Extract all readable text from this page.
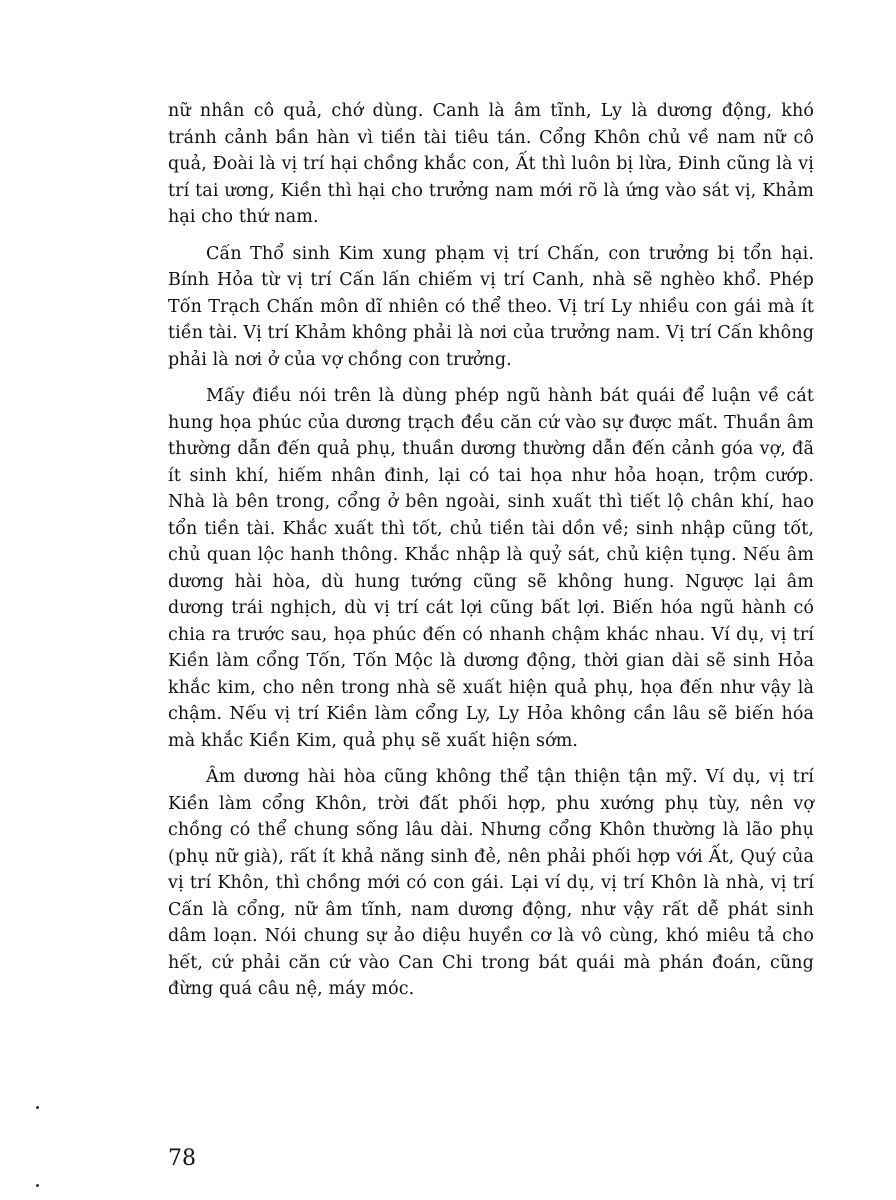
nữ nhân cô quả, chớ dùng. Canh là âm tĩnh, Ly là dương động, khó tránh cảnh bần hàn vì tiền tài tiêu tán. Cổng Khôn chủ về nam nữ cô quả, Đoài là vị trí hại chồng khắc con, Ất thì luôn bị lừa, Đinh cũng là vị trí tai ương, Kiền thì hại cho trưởng nam mới rõ là ứng vào sát vị, Khảm hại cho thứ nam.

Cấn Thổ sinh Kim xung phạm vị trí Chấn, con trưởng bị tổn hại. Bính Hỏa từ vị trí Cấn lấn chiếm vị trí Canh, nhà sẽ nghèo khổ. Phép Tốn Trạch Chấn môn dĩ nhiên có thể theo. Vị trí Ly nhiều con gái mà ít tiền tài. Vị trí Khảm không phải là nơi của trưởng nam. Vị trí Cấn không phải là nơi ở của vợ chồng con trưởng.

Mấy điều nói trên là dùng phép ngũ hành bát quái để luận về cát hung họa phúc của dương trạch đều căn cứ vào sự được mất. Thuần âm thường dẫn đến quả phụ, thuần dương thường dẫn đến cảnh góa vợ, đã ít sinh khí, hiếm nhân đinh, lại có tai họa như hỏa hoạn, trộm cướp. Nhà là bên trong, cổng ở bên ngoài, sinh xuất thì tiết lộ chân khí, hao tổn tiền tài. Khắc xuất thì tốt, chủ tiền tài dồn về; sinh nhập cũng tốt, chủ quan lộc hanh thông. Khắc nhập là quỷ sát, chủ kiện tụng. Nếu âm dương hài hòa, dù hung tướng cũng sẽ không hung. Ngược lại âm dương trái nghịch, dù vị trí cát lợi cũng bất lợi. Biến hóa ngũ hành có chia ra trước sau, họa phúc đến có nhanh chậm khác nhau. Ví dụ, vị trí Kiền làm cổng Tốn, Tốn Mộc là dương động, thời gian dài sẽ sinh Hỏa khắc kim, cho nên trong nhà sẽ xuất hiện quả phụ, họa đến như vậy là chậm. Nếu vị trí Kiền làm cổng Ly, Ly Hỏa không cần lâu sẽ biến hóa mà khắc Kiền Kim, quả phụ sẽ xuất hiện sớm.

Âm dương hài hòa cũng không thể tận thiện tận mỹ. Ví dụ, vị trí Kiền làm cổng Khôn, trời đất phối hợp, phu xướng phụ tùy, nên vợ chồng có thể chung sống lâu dài. Nhưng cổng Khôn thường là lão phụ (phụ nữ già), rất ít khả năng sinh đẻ, nên phải phối hợp với Ất, Quý của vị trí Khôn, thì chồng mới có con gái. Lại ví dụ, vị trí Khôn là nhà, vị trí Cấn là cổng, nữ âm tĩnh, nam dương động, như vậy rất dễ phát sinh dâm loạn. Nói chung sự ảo diệu huyền cơ là vô cùng, khó miêu tả cho hết, cứ phải căn cứ vào Can Chi trong bát quái mà phán đoán, cũng đừng quá câu nệ, máy móc.

78
